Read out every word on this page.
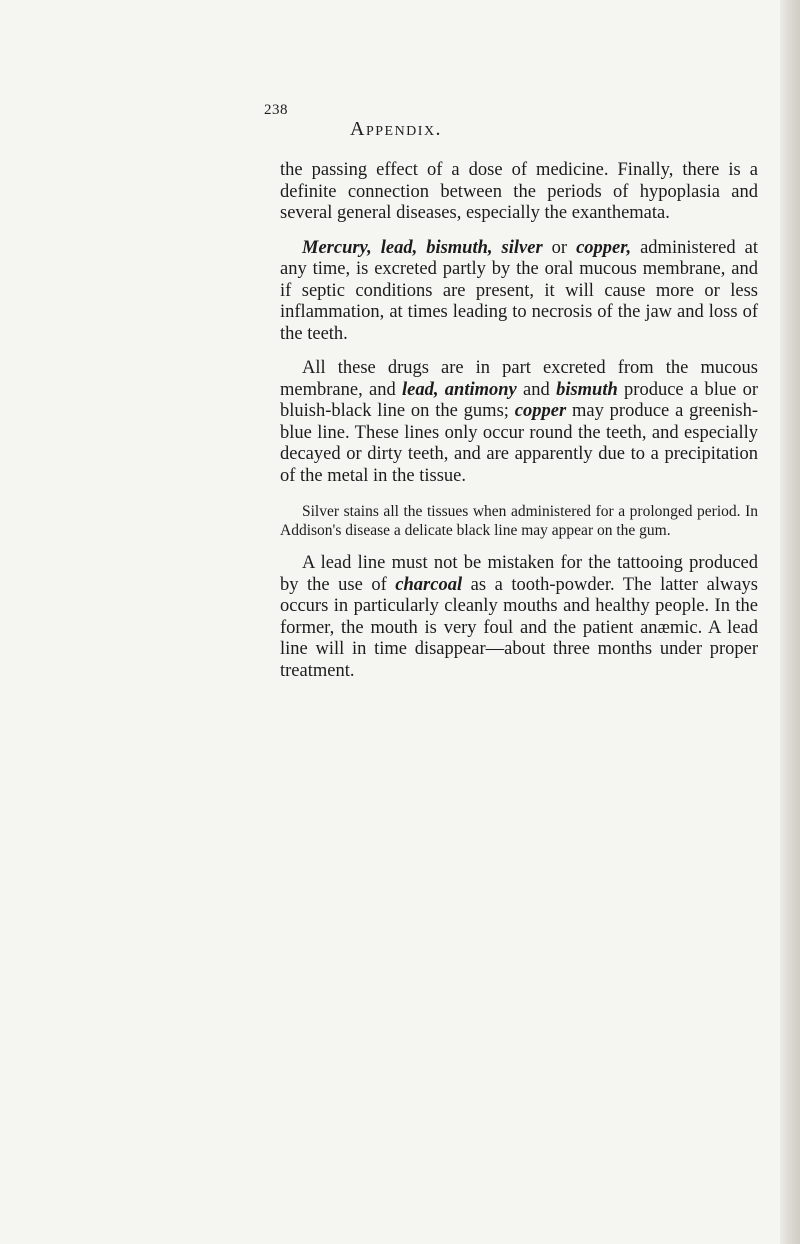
238
Appendix.

the passing effect of a dose of medicine. Finally, there is a definite connection between the periods of hypoplasia and several general diseases, especially the exanthemata.

Mercury, lead, bismuth, silver or copper, administered at any time, is excreted partly by the oral mucous membrane, and if septic conditions are present, it will cause more or less inflammation, at times leading to necrosis of the jaw and loss of the teeth.

All these drugs are in part excreted from the mucous membrane, and lead, antimony and bismuth produce a blue or bluish-black line on the gums; copper may produce a greenish-blue line. These lines only occur round the teeth, and especially decayed or dirty teeth, and are apparently due to a precipitation of the metal in the tissue.

Silver stains all the tissues when administered for a prolonged period. In Addison's disease a delicate black line may appear on the gum.

A lead line must not be mistaken for the tattooing produced by the use of charcoal as a tooth-powder. The latter always occurs in particularly cleanly mouths and healthy people. In the former, the mouth is very foul and the patient anæmic. A lead line will in time disappear—about three months under proper treatment.
